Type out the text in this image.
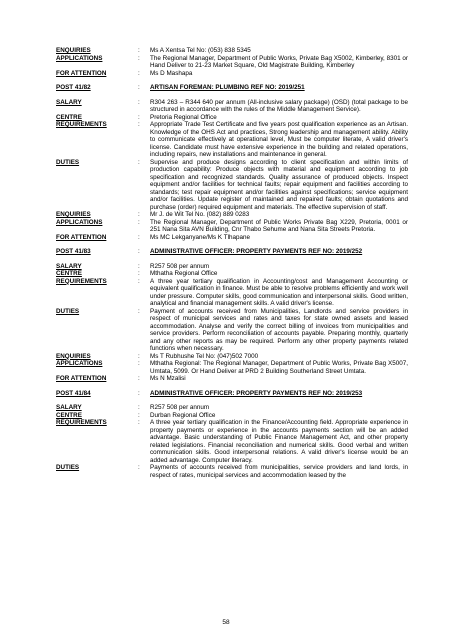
ENQUIRIES	:	Ms A Xentsa Tel No: (053) 838 5345
APPLICATIONS	:	The Regional Manager, Department of Public Works, Private Bag X5002, Kimberley, 8301 or Hand Deliver to 21-23 Market Square, Old Magistrate Building, Kimberley
FOR ATTENTION	:	Ms D Mashapa
POST 41/82	:	ARTISAN FOREMAN: PLUMBING REF NO: 2019/251
SALARY	:	R304 263 – R344 640 per annum (All-inclusive salary package) (OSD) (total package to be structured in accordance with the rules of the Middle Management Service).
CENTRE	:	Pretoria Regional Office
REQUIREMENTS	:	Appropriate Trade Test Certificate and five years post qualification experience as an Artisan. Knowledge of the OHS Act and practices, Strong leadership and management ability. Ability to communicate effectively at operational level, Must be computer literate, A valid driver's license. Candidate must have extensive experience in the building and related operations, including repairs, new installations and maintenance in general.
DUTIES	:	Supervise and produce designs according to client specification and within limits of production capability: Produce objects with material and equipment according to job specification and recognized standards. Quality assurance of produced objects. Inspect equipment and/or facilities for technical faults; repair equipment and facilities according to standards; test repair equipment and/or facilities against specifications; service equipment and/or facilities. Update register of maintained and repaired faults; obtain quotations and purchase (order) required equipment and materials. The effective supervision of staff.
ENQUIRIES	:	Mr J. de Wit Tel No. (082) 889 0283
APPLICATIONS	:	The Regional Manager, Department of Public Works Private Bag X229, Pretoria, 0001 or 251 Nana Sita AVN Building, Cnr Thabo Sehume and Nana Sita Streets Pretoria.
FOR ATTENTION	:	Ms MC Lekganyane/Ms K Tlhapane
POST 41/83	:	ADMINISTRATIVE OFFICER: PROPERTY PAYMENTS REF NO: 2019/252
SALARY	:	R257 508 per annum
CENTRE	:	Mthatha Regional Office
REQUIREMENTS	:	A three year tertiary qualification in Accounting/cost and Management Accounting or equivalent qualification in finance. Must be able to resolve problems efficiently and work well under pressure. Computer skills, good communication and interpersonal skills. Good written, analytical and financial management skills. A valid driver's license.
DUTIES	:	Payment of accounts received from Municipalities, Landlords and service providers in respect of municipal services and rates and taxes for state owned assets and leased accommodation. Analyse and verify the correct billing of invoices from municipalities and service providers. Perform reconciliation of accounts payable. Preparing monthly, quarterly and any other reports as may be required. Perform any other property payments related functions when necessary.
ENQUIRIES	:	Ms T Rubhushe Tel No: (047)502 7000
APPLICATIONS	:	Mthatha Regional: The Regional Manager, Department of Public Works, Private Bag X5007, Umtata, 5099. Or Hand Deliver at PRD 2 Building Southerland Street Umtata.
FOR ATTENTION	:	Ms N Mzalisi
POST 41/84	:	ADMINISTRATIVE OFFICER: PROPERTY PAYMENTS REF NO: 2019/253
SALARY	:	R257 508 per annum
CENTRE	:	Durban Regional Office
REQUIREMENTS	:	A three year tertiary qualification in the Finance/Accounting field. Appropriate experience in property payments or experience in the accounts payments section will be an added advantage. Basic understanding of Public Finance Management Act, and other property related legislations. Financial reconciliation and numerical skills. Good verbal and written communication skills. Good interpersonal relations. A valid driver's license would be an added advantage. Computer literacy.
DUTIES	:	Payments of accounts received from municipalities, service providers and land lords, in respect of rates, municipal services and accommodation leased by the
58
